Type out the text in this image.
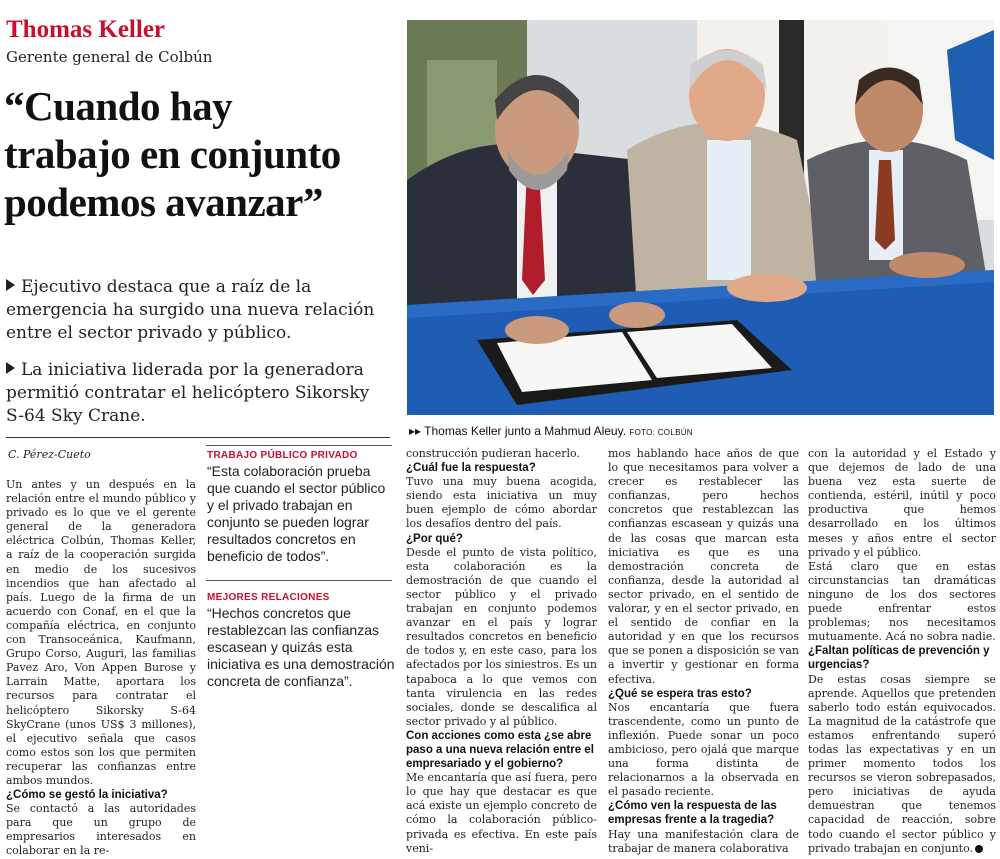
Thomas Keller
Gerente general de Colbún
“Cuando hay
trabajo en conjunto
podemos avanzar”
Ejecutivo destaca que a raíz de la
emergencia ha surgido una nueva relación
entre el sector privado y público.
La iniciativa liderada por la generadora
permitió contratar el helicóptero Sikorsky
S-64 Sky Crane.
▸▸ Thomas Keller junto a Mahmud Aleuy. FOTO: COLBÚN
C. Pérez-Cueto

Un antes y un después en la relación entre el mundo público y privado es lo que ve el gerente general de la generadora eléctrica Colbún, Thomas Keller, a raíz de la cooperación surgida en medio de los sucesivos incendios que han afectado al país. Luego de la firma de un acuerdo con Conaf, en el que la compañía eléctrica, en conjunto con Transoceánica, Kaufmann, Grupo Corso, Auguri, las familias Pavez Aro, Von Appen Burose y Larrain Matte, aportara los recursos para contratar el helicóptero Sikorsky S-64 SkyCrane (unos US$ 3 millones), el ejecutivo señala que casos como estos son los que permiten recuperar las confianzas entre ambos mundos.

¿Cómo se gestó la iniciativa?

Se contactó a las autoridades para que un grupo de empresarios interesados en colaborar en la re-

TRABAJO PÚBLICO PRIVADO
“Esta colaboración prueba que cuando el sector público y el privado trabajan en conjunto se pueden lograr resultados concretos en beneficio de todos”.
MEJORES RELACIONES
“Hechos concretos que restablezcan las confianzas escasean y quizás esta iniciativa es una demostración concreta de confianza”.

construcción pudieran hacerlo.

¿Cuál fue la respuesta?

Tuvo una muy buena acogida, siendo esta iniciativa un muy buen ejemplo de cómo abordar los desafíos dentro del país.

¿Por qué?

Desde el punto de vista político, esta colaboración es la demostración de que cuando el sector público y el privado trabajan en conjunto podemos avanzar en el país y lograr resultados concretos en beneficio de todos y, en este caso, para los afectados por los siniestros. Es un tapaboca a lo que vemos con tanta virulencia en las redes sociales, donde se descalifica al sector privado y al público.

Con acciones como esta ¿se abre paso a una nueva relación entre el empresariado y el gobierno?

Me encantaría que así fuera, pero lo que hay que destacar es que acá existe un ejemplo concreto de cómo la colaboración público-privada es efectiva. En este país veni-

mos hablando hace años de que lo que necesitamos para volver a crecer es restablecer las confianzas, pero hechos concretos que restablezcan las confianzas escasean y quizás una de las cosas que marcan esta iniciativa es que es una demostración concreta de confianza, desde la autoridad al sector privado, en el sentido de valorar, y en el sector privado, en el sentido de confiar en la autoridad y en que los recursos que se ponen a disposición se van a invertir y gestionar en forma efectiva.

¿Qué se espera tras esto?

Nos encantaría que fuera trascendente, como un punto de inflexión. Puede sonar un poco ambicioso, pero ojalá que marque una forma distinta de relacionarnos a la observada en el pasado reciente.

¿Cómo ven la respuesta de las empresas frente a la tragedia?

Hay una manifestación clara de trabajar de manera colaborativa

con la autoridad y el Estado y que dejemos de lado de una buena vez esta suerte de contienda, estéril, inútil y poco productiva que hemos desarrollado en los últimos meses y años entre el sector privado y el público.

Está claro que en estas circunstancias tan dramáticas ninguno de los dos sectores puede enfrentar estos problemas; nos necesitamos mutuamente. Acá no sobra nadie.

¿Faltan políticas de prevención y urgencias?

De estas cosas siempre se aprende. Aquellos que pretenden saberlo todo están equivocados. La magnitud de la catástrofe que estamos enfrentando superó todas las expectativas y en un primer momento todos los recursos se vieron sobrepasados, pero iniciativas de ayuda demuestran que tenemos capacidad de reacción, sobre todo cuando el sector público y privado trabajan en conjunto.
